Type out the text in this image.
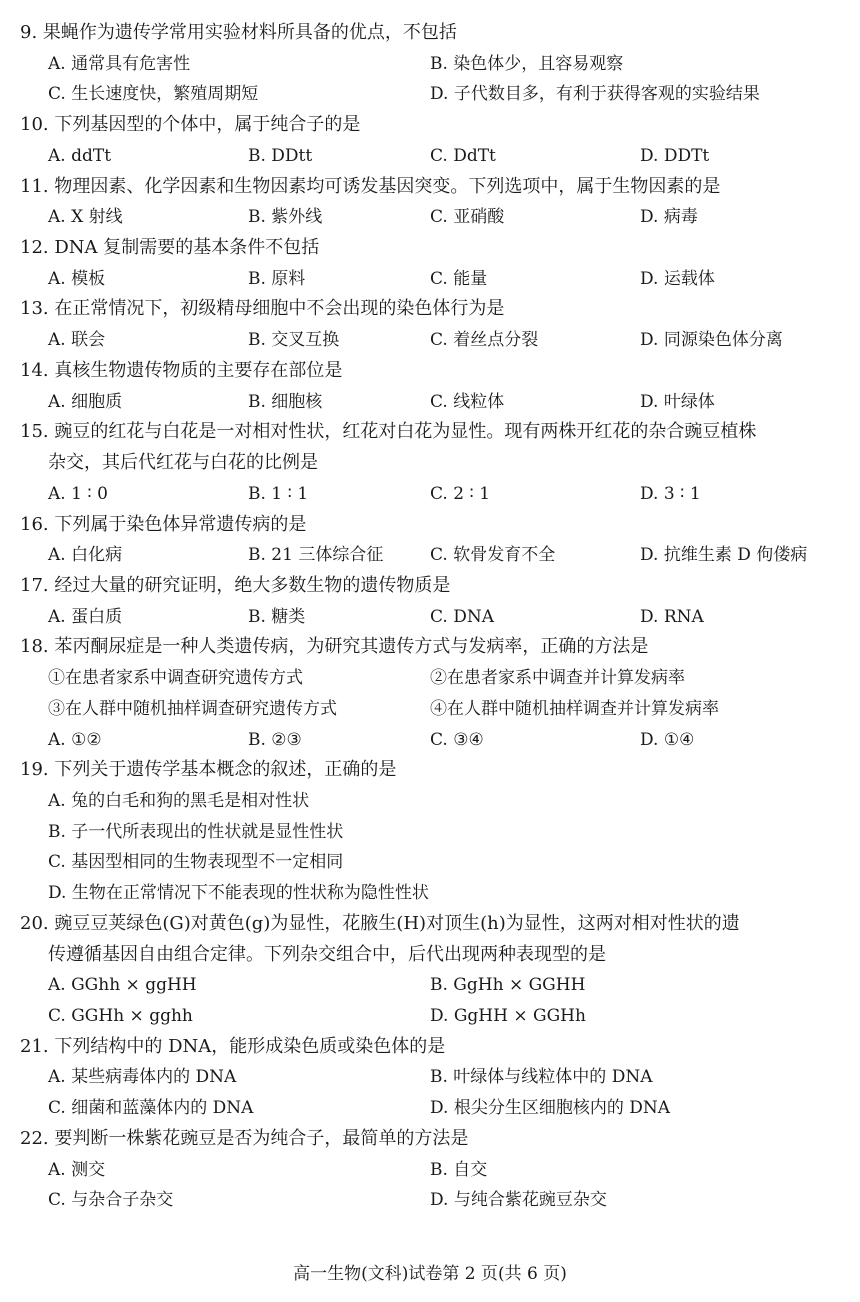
9. 果蝇作为遗传学常用实验材料所具备的优点，不包括
A. 通常具有危害性	B. 染色体少，且容易观察
C. 生长速度快，繁殖周期短	D. 子代数目多，有利于获得客观的实验结果
10. 下列基因型的个体中，属于纯合子的是
A. ddTt	B. DDtt	C. DdTt	D. DDTt
11. 物理因素、化学因素和生物因素均可诱发基因突变。下列选项中，属于生物因素的是
A. X 射线	B. 紫外线	C. 亚硝酸	D. 病毒
12. DNA 复制需要的基本条件不包括
A. 模板	B. 原料	C. 能量	D. 运载体
13. 在正常情况下，初级精母细胞中不会出现的染色体行为是
A. 联会	B. 交叉互换	C. 着丝点分裂	D. 同源染色体分离
14. 真核生物遗传物质的主要存在部位是
A. 细胞质	B. 细胞核	C. 线粒体	D. 叶绿体
15. 豌豆的红花与白花是一对相对性状，红花对白花为显性。现有两株开红花的杂合豌豆植株
杂交，其后代红花与白花的比例是
A. 1 ∶ 0	B. 1 ∶ 1	C. 2 ∶ 1	D. 3 ∶ 1
16. 下列属于染色体异常遗传病的是
A. 白化病	B. 21 三体综合征	C. 软骨发育不全	D. 抗维生素 D 佝偻病
17. 经过大量的研究证明，绝大多数生物的遗传物质是
A. 蛋白质	B. 糖类	C. DNA	D. RNA
18. 苯丙酮尿症是一种人类遗传病，为研究其遗传方式与发病率，正确的方法是
①在患者家系中调查研究遗传方式	②在患者家系中调查并计算发病率
③在人群中随机抽样调查研究遗传方式	④在人群中随机抽样调查并计算发病率
A. ①②	B. ②③	C. ③④	D. ①④
19. 下列关于遗传学基本概念的叙述，正确的是
A. 兔的白毛和狗的黑毛是相对性状
B. 子一代所表现出的性状就是显性性状
C. 基因型相同的生物表现型不一定相同
D. 生物在正常情况下不能表现的性状称为隐性性状
20. 豌豆豆荚绿色(G)对黄色(g)为显性，花腋生(H)对顶生(h)为显性，这两对相对性状的遗
传遵循基因自由组合定律。下列杂交组合中，后代出现两种表现型的是
A. GGhh × ggHH	B. GgHh × GGHH
C. GGHh × gghh	D. GgHH × GGHh
21. 下列结构中的 DNA，能形成染色质或染色体的是
A. 某些病毒体内的 DNA	B. 叶绿体与线粒体中的 DNA
C. 细菌和蓝藻体内的 DNA	D. 根尖分生区细胞核内的 DNA
22. 要判断一株紫花豌豆是否为纯合子，最简单的方法是
A. 测交	B. 自交
C. 与杂合子杂交	D. 与纯合紫花豌豆杂交
高一生物(文科)试卷第 2 页(共 6 页)
